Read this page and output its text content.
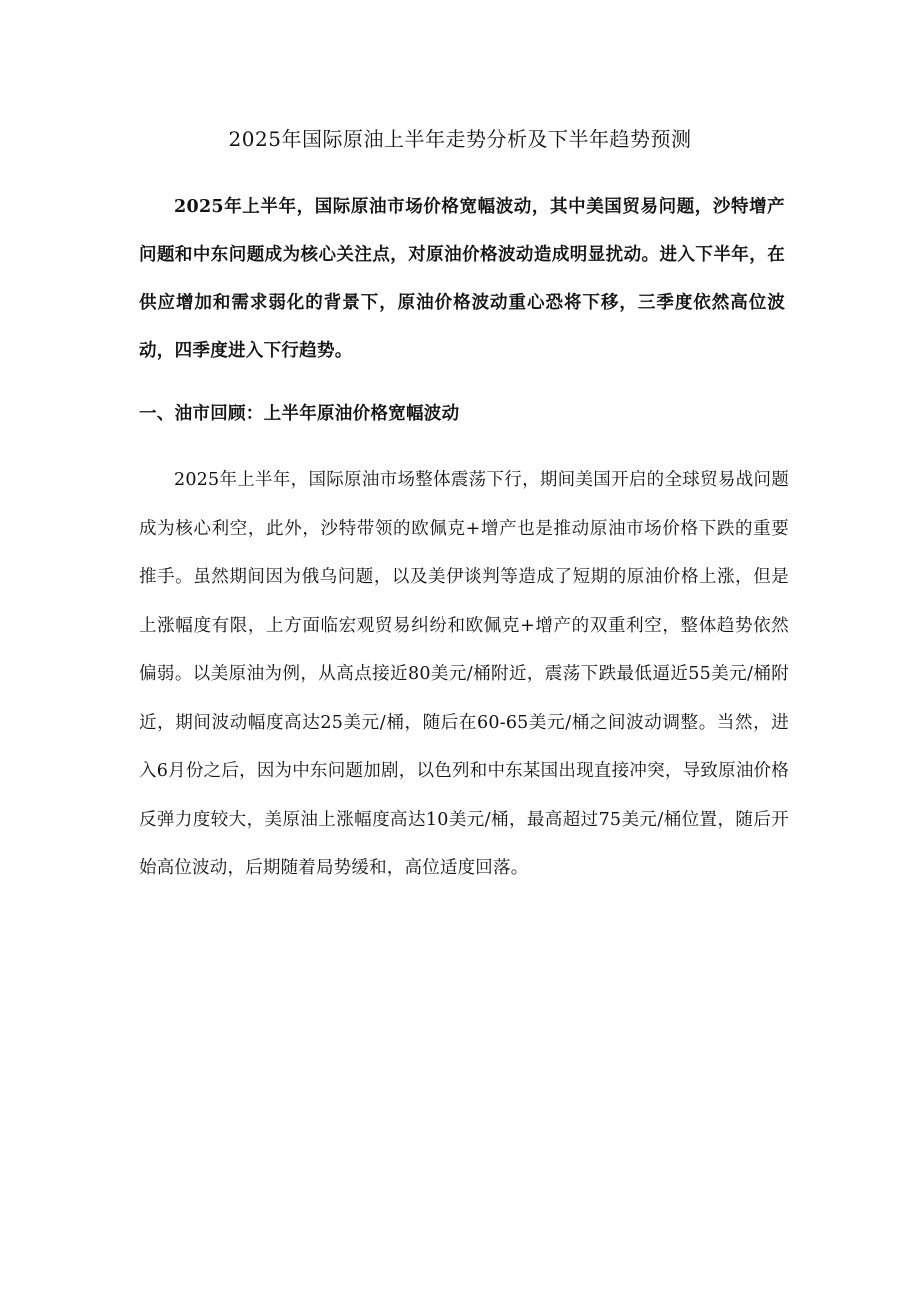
2025年国际原油上半年走势分析及下半年趋势预测

2025年上半年，国际原油市场价格宽幅波动，其中美国贸易问题，沙特增产问题和中东问题成为核心关注点，对原油价格波动造成明显扰动。进入下半年，在供应增加和需求弱化的背景下，原油价格波动重心恐将下移，三季度依然高位波动，四季度进入下行趋势。

一、油市回顾：上半年原油价格宽幅波动

2025年上半年，国际原油市场整体震荡下行，期间美国开启的全球贸易战问题成为核心利空，此外，沙特带领的欧佩克+增产也是推动原油市场价格下跌的重要推手。虽然期间因为俄乌问题，以及美伊谈判等造成了短期的原油价格上涨，但是上涨幅度有限，上方面临宏观贸易纠纷和欧佩克+增产的双重利空，整体趋势依然偏弱。以美原油为例，从高点接近80美元/桶附近，震荡下跌最低逼近55美元/桶附近，期间波动幅度高达25美元/桶，随后在60-65美元/桶之间波动调整。当然，进入6月份之后，因为中东问题加剧，以色列和中东某国出现直接冲突，导致原油价格反弹力度较大，美原油上涨幅度高达10美元/桶，最高超过75美元/桶位置，随后开始高位波动，后期随着局势缓和，高位适度回落。
